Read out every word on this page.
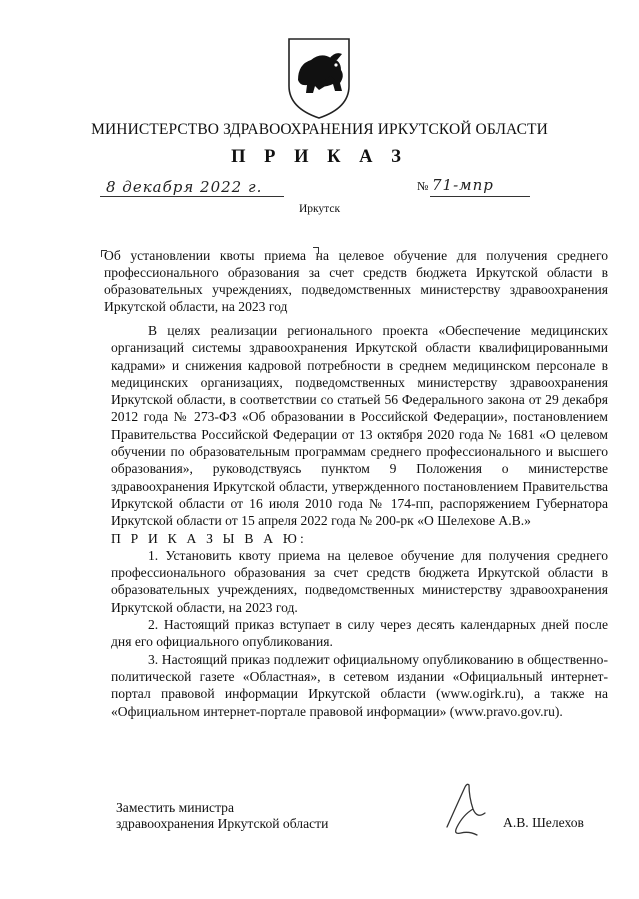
МИНИСТЕРСТВО ЗДРАВООХРАНЕНИЯ ИРКУТСКОЙ ОБЛАСТИ
П Р И К А З
8 декабря 2022 г.	№ 71-мпр
Иркутск
Об установлении квоты приема на целевое обучение для получения среднего профессионального образования за счет средств бюджета Иркутской области в образовательных учреждениях, подведомственных министерству здравоохранения Иркутской области, на 2023 год

В целях реализации регионального проекта «Обеспечение медицинских организаций системы здравоохранения Иркутской области квалифицированными кадрами» и снижения кадровой потребности в среднем медицинском персонале в медицинских организациях, подведомственных министерству здравоохранения Иркутской области, в соответствии со статьей 56 Федерального закона от 29 декабря 2012 года № 273-ФЗ «Об образовании в Российской Федерации», постановлением Правительства Российской Федерации от 13 октября 2020 года № 1681 «О целевом обучении по образовательным программам среднего профессионального и высшего образования», руководствуясь пунктом 9 Положения о министерстве здравоохранения Иркутской области, утвержденного постановлением Правительства Иркутской области от 16 июля 2010 года № 174-пп, распоряжением Губернатора Иркутской области от 15 апреля 2022 года № 200-рк «О Шелехове А.В.»

П Р И К А З Ы В А Ю:

1. Установить квоту приема на целевое обучение для получения среднего профессионального образования за счет средств бюджета Иркутской области в образовательных учреждениях, подведомственных министерству здравоохранения Иркутской области, на 2023 год.

2. Настоящий приказ вступает в силу через десять календарных дней после дня его официального опубликования.

3. Настоящий приказ подлежит официальному опубликованию в общественно-политической газете «Областная», в сетевом издании «Официальный интернет-портал правовой информации Иркутской области (www.ogirk.ru), а также на «Официальном интернет-портале правовой информации» (www.pravo.gov.ru).

Заместить министра
здравоохранения Иркутской области	А.В. Шелехов
